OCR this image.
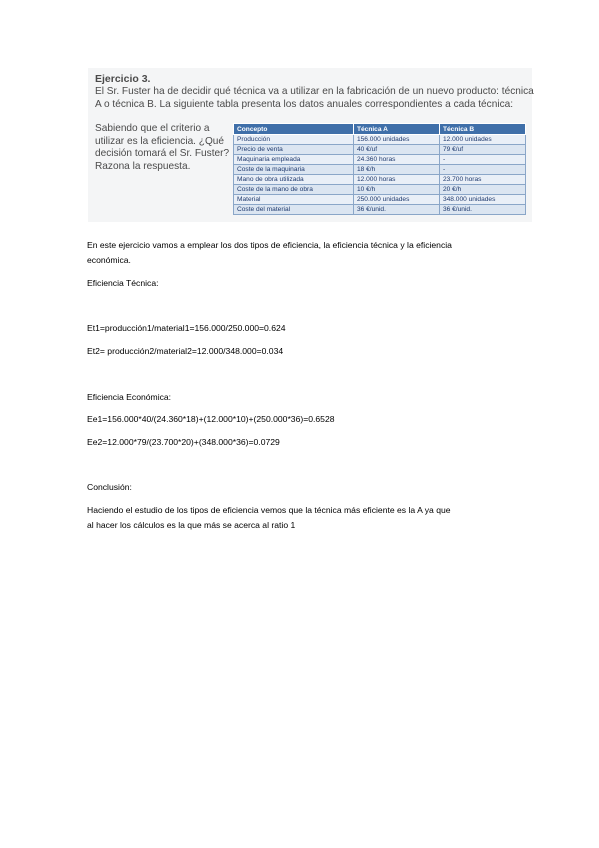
Ejercicio 3.
El Sr. Fuster ha de decidir qué técnica va a utilizar en la fabricación de un nuevo producto: técnica
A o técnica B. La siguiente tabla presenta los datos anuales correspondientes a cada técnica:
Sabiendo que el criterio a utilizar es la eficiencia. ¿Qué decisión tomará el Sr. Fuster? Razona la respuesta.
Concepto	Técnica A	Técnica B
Producción	156.000 unidades	12.000 unidades
Precio de venta	40 €/uf	79 €/uf
Maquinaria empleada	24.360 horas	-
Coste de la maquinaria	18 €/h	-
Mano de obra utilizada	12.000 horas	23.700 horas
Coste de la mano de obra	10 €/h	20 €/h
Material	250.000 unidades	348.000 unidades
Coste del material	36 €/unid.	36 €/unid.
En este ejercicio vamos a emplear los dos tipos de eficiencia, la eficiencia técnica y la eficiencia
económica.
Eficiencia Técnica:
Et1=producción1/material1=156.000/250.000=0.624
Et2= producción2/material2=12.000/348.000=0.034
Eficiencia Económica:
Ee1=156.000*40/(24.360*18)+(12.000*10)+(250.000*36)=0.6528
Ee2=12.000*79/(23.700*20)+(348.000*36)=0.0729
Conclusión:
Haciendo el estudio de los tipos de eficiencia vemos que la técnica más eficiente es la A ya que
al hacer los cálculos es la que más se acerca al ratio 1
